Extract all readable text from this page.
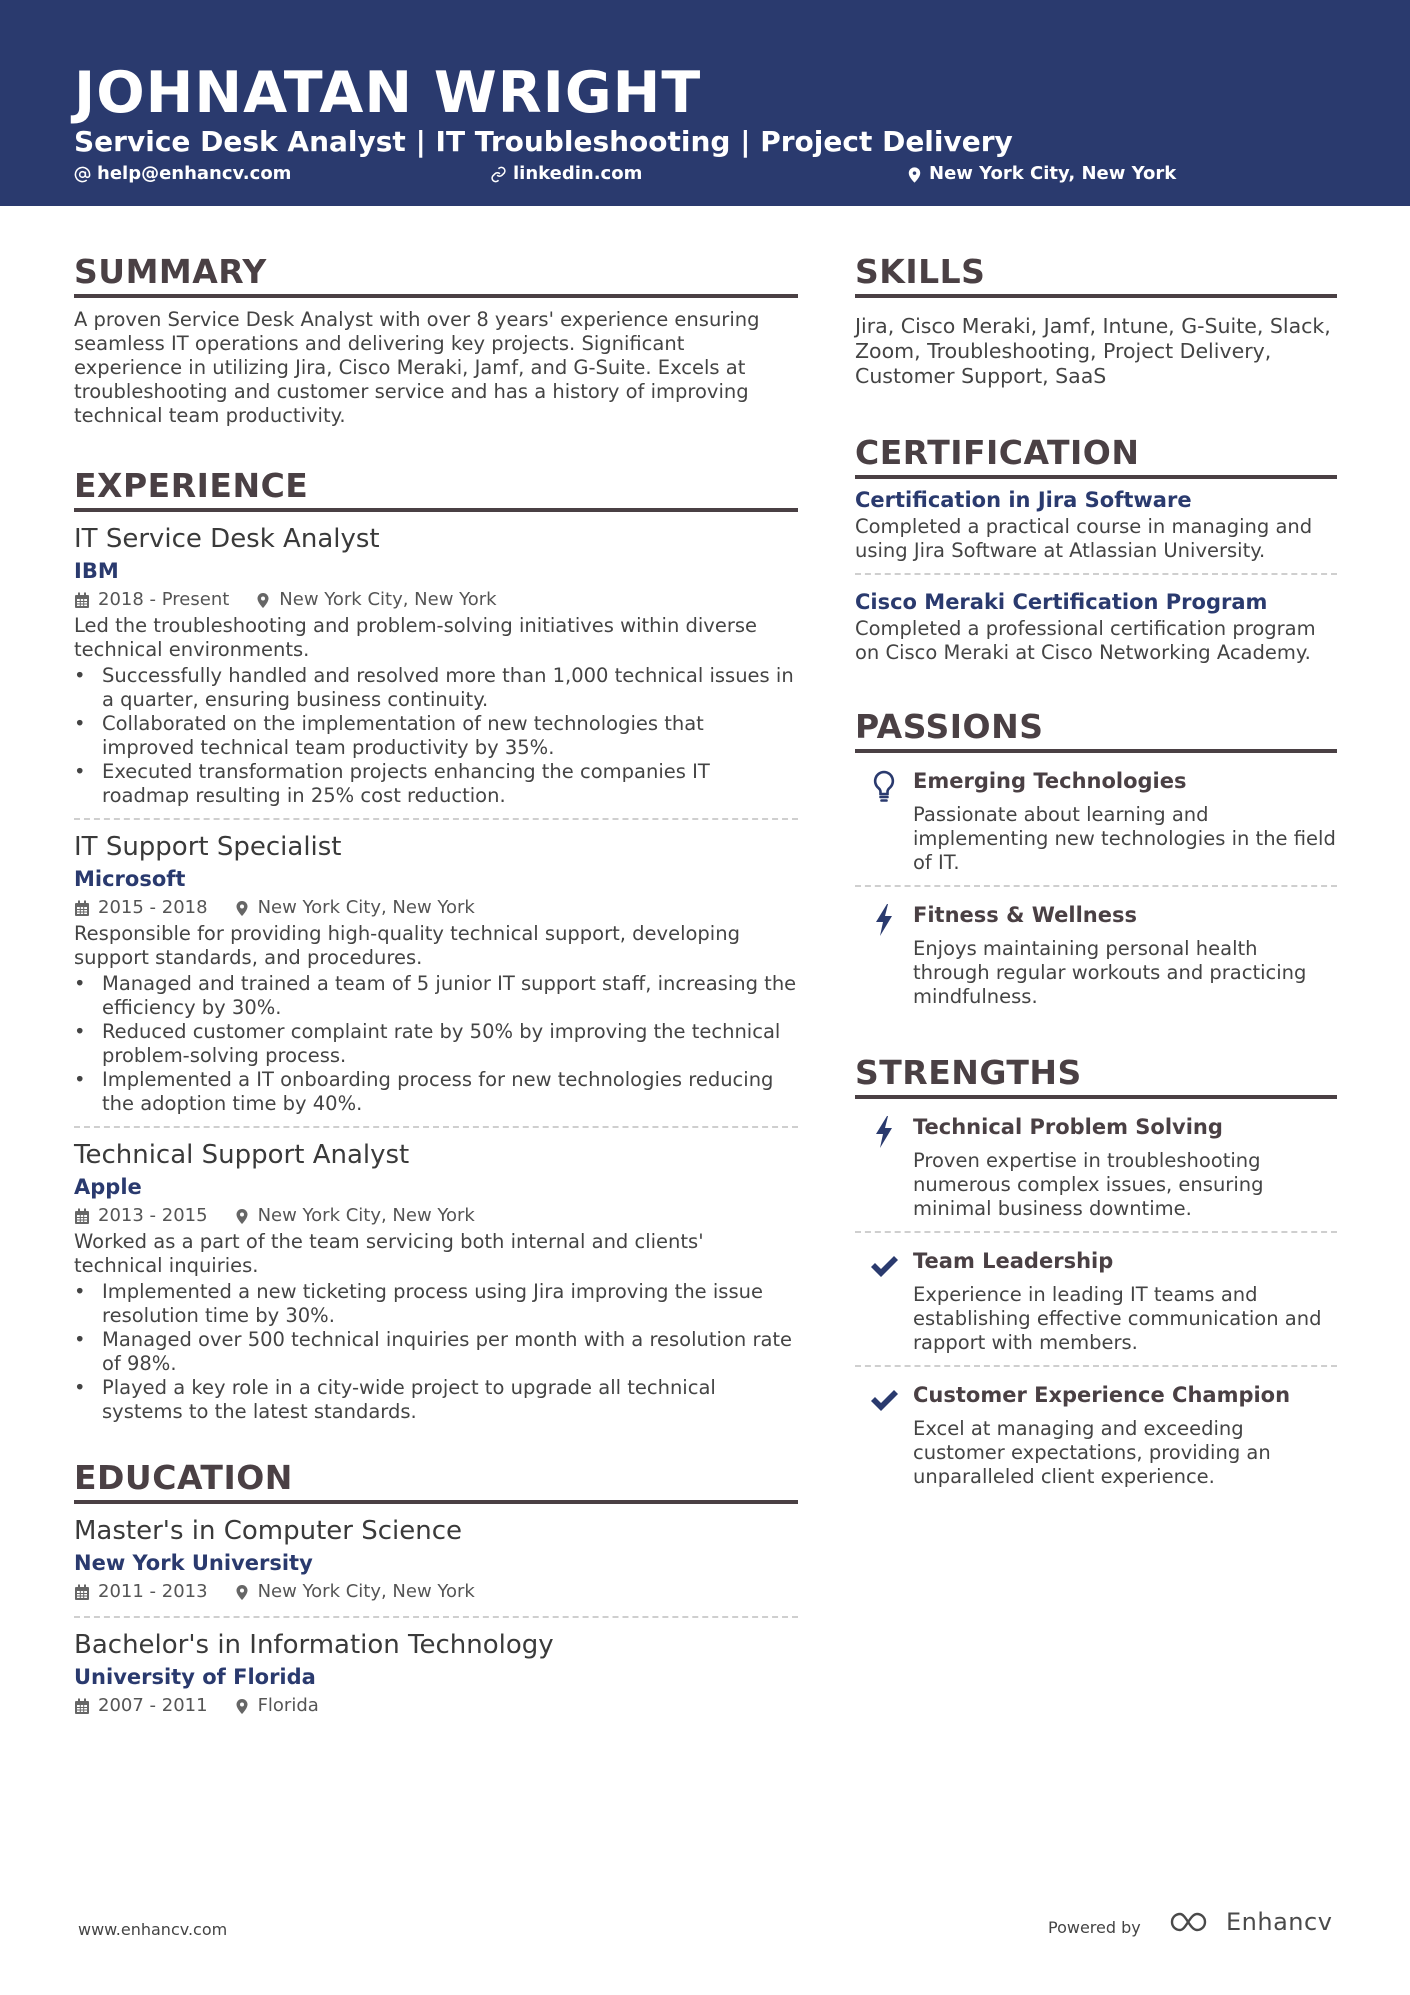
JOHNATAN WRIGHT
Service Desk Analyst | IT Troubleshooting | Project Delivery
help@enhancv.com	linkedin.com	New York City, New York
SUMMARY
A proven Service Desk Analyst with over 8 years' experience ensuring seamless IT operations and delivering key projects. Significant experience in utilizing Jira, Cisco Meraki, Jamf, and G-Suite. Excels at troubleshooting and customer service and has a history of improving technical team productivity.
EXPERIENCE
IT Service Desk Analyst
IBM
2018 - Present	New York City, New York
Led the troubleshooting and problem-solving initiatives within diverse technical environments.
• Successfully handled and resolved more than 1,000 technical issues in a quarter, ensuring business continuity.
• Collaborated on the implementation of new technologies that improved technical team productivity by 35%.
• Executed transformation projects enhancing the companies IT roadmap resulting in 25% cost reduction.
IT Support Specialist
Microsoft
2015 - 2018	New York City, New York
Responsible for providing high-quality technical support, developing support standards, and procedures.
• Managed and trained a team of 5 junior IT support staff, increasing the efficiency by 30%.
• Reduced customer complaint rate by 50% by improving the technical problem-solving process.
• Implemented a IT onboarding process for new technologies reducing the adoption time by 40%.
Technical Support Analyst
Apple
2013 - 2015	New York City, New York
Worked as a part of the team servicing both internal and clients' technical inquiries.
• Implemented a new ticketing process using Jira improving the issue resolution time by 30%.
• Managed over 500 technical inquiries per month with a resolution rate of 98%.
• Played a key role in a city-wide project to upgrade all technical systems to the latest standards.
EDUCATION
Master's in Computer Science
New York University
2011 - 2013	New York City, New York
Bachelor's in Information Technology
University of Florida
2007 - 2011	Florida
SKILLS
Jira, Cisco Meraki, Jamf, Intune, G-Suite, Slack, Zoom, Troubleshooting, Project Delivery, Customer Support, SaaS
CERTIFICATION
Certification in Jira Software
Completed a practical course in managing and using Jira Software at Atlassian University.
Cisco Meraki Certification Program
Completed a professional certification program on Cisco Meraki at Cisco Networking Academy.
PASSIONS
Emerging Technologies
Passionate about learning and implementing new technologies in the field of IT.
Fitness & Wellness
Enjoys maintaining personal health through regular workouts and practicing mindfulness.
STRENGTHS
Technical Problem Solving
Proven expertise in troubleshooting numerous complex issues, ensuring minimal business downtime.
Team Leadership
Experience in leading IT teams and establishing effective communication and rapport with members.
Customer Experience Champion
Excel at managing and exceeding customer expectations, providing an unparalleled client experience.
www.enhancv.com	Powered by	Enhancv
